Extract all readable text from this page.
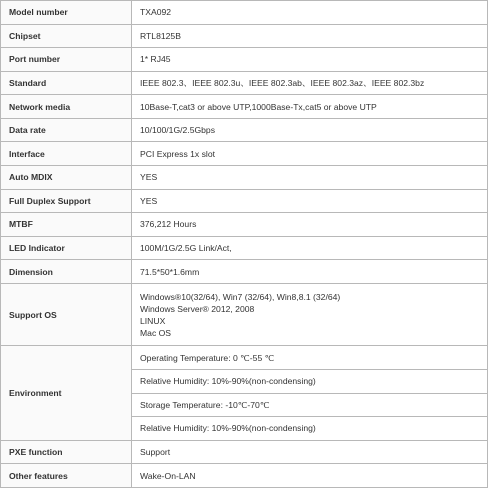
Model number	TXA092
Chipset	RTL8125B
Port number	1* RJ45
Standard	IEEE 802.3、IEEE 802.3u、IEEE 802.3ab、IEEE 802.3az、IEEE 802.3bz
Network media	10Base-T,cat3 or above UTP,1000Base-Tx,cat5 or above UTP
Data rate	10/100/1G/2.5Gbps
Interface	PCI Express 1x slot
Auto MDIX	YES
Full Duplex Support	YES
MTBF	376,212 Hours
LED Indicator	100M/1G/2.5G Link/Act,
Dimension	71.5*50*1.6mm
Support OS	Windows®10(32/64), Win7 (32/64), Win8,8.1 (32/64)
Windows Server® 2012, 2008
LINUX
Mac OS

Environment	Operating Temperature: 0 ℃-55 ℃
	Relative Humidity: 10%-90%(non-condensing)
	Storage Temperature: -10℃-70℃
	Relative Humidity: 10%-90%(non-condensing)
PXE function	Support
Other features	Wake-On-LAN
